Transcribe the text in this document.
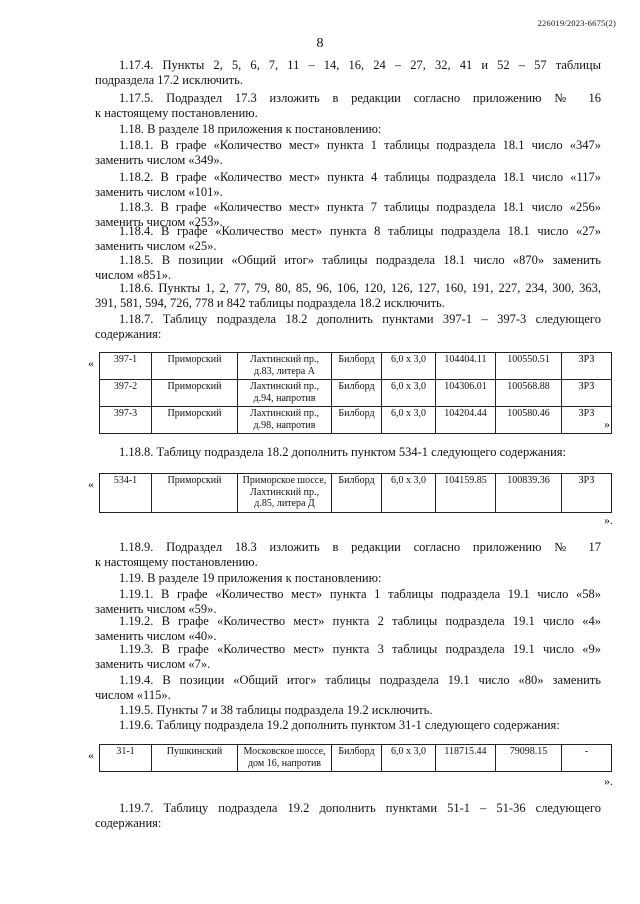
226019/2023-6675(2)
8
1.17.4. Пункты 2, 5, 6, 7, 11 – 14, 16, 24 – 27, 32, 41 и 52 – 57 таблицы
подраздела 17.2 исключить.
1.17.5. Подраздел 17.3 изложить в редакции согласно приложению № 16
к настоящему постановлению.
1.18. В разделе 18 приложения к постановлению:
1.18.1. В графе «Количество мест» пункта 1 таблицы подраздела 18.1 число «347»
заменить числом «349».
1.18.2. В графе «Количество мест» пункта 4 таблицы подраздела 18.1 число «117»
заменить числом «101».
1.18.3. В графе «Количество мест» пункта 7 таблицы подраздела 18.1 число «256»
заменить числом «253».
1.18.4. В графе «Количество мест» пункта 8 таблицы подраздела 18.1 число «27»
заменить числом «25».
1.18.5. В позиции «Общий итог» таблицы подраздела 18.1 число «870» заменить
числом «851».
1.18.6. Пункты 1, 2, 77, 79, 80, 85, 96, 106, 120, 126, 127, 160, 191, 227, 234, 300, 363,
391, 581, 594, 726, 778 и 842 таблицы подраздела 18.2 исключить.
1.18.7. Таблицу подраздела 18.2 дополнить пунктами 397-1 – 397-3 следующего
содержания:
« 397-1	Приморский	Лахтинский пр., д.83, литера А	Билборд	6,0 x 3,0	104404.11	100550.51	ЗРЗ
397-2	Приморский	Лахтинский пр., д.94, напротив	Билборд	6,0 x 3,0	104306.01	100568.88	ЗРЗ
397-3	Приморский	Лахтинский пр., д.98, напротив	Билборд	6,0 x 3,0	104204.44	100580.46	ЗРЗ
».
1.18.8. Таблицу подраздела 18.2 дополнить пунктом 534-1 следующего содержания:
« 534-1	Приморский	Приморское шоссе, Лахтинский пр., д.85, литера Д	Билборд	6,0 x 3,0	104159.85	100839.36	ЗРЗ
».
1.18.9. Подраздел 18.3 изложить в редакции согласно приложению № 17
к настоящему постановлению.
1.19. В разделе 19 приложения к постановлению:
1.19.1. В графе «Количество мест» пункта 1 таблицы подраздела 19.1 число «58»
заменить числом «59».
1.19.2. В графе «Количество мест» пункта 2 таблицы подраздела 19.1 число «4»
заменить числом «40».
1.19.3. В графе «Количество мест» пункта 3 таблицы подраздела 19.1 число «9»
заменить числом «7».
1.19.4. В позиции «Общий итог» таблицы подраздела 19.1 число «80» заменить
числом «115».
1.19.5. Пункты 7 и 38 таблицы подраздела 19.2 исключить.
1.19.6. Таблицу подраздела 19.2 дополнить пунктом 31-1 следующего содержания:
« 31-1	Пушкинский	Московское шоссе, дом 16, напротив	Билборд	6,0 x 3,0	118715.44	79098.15	-
».
1.19.7. Таблицу подраздела 19.2 дополнить пунктами 51-1 – 51-36 следующего
содержания:
